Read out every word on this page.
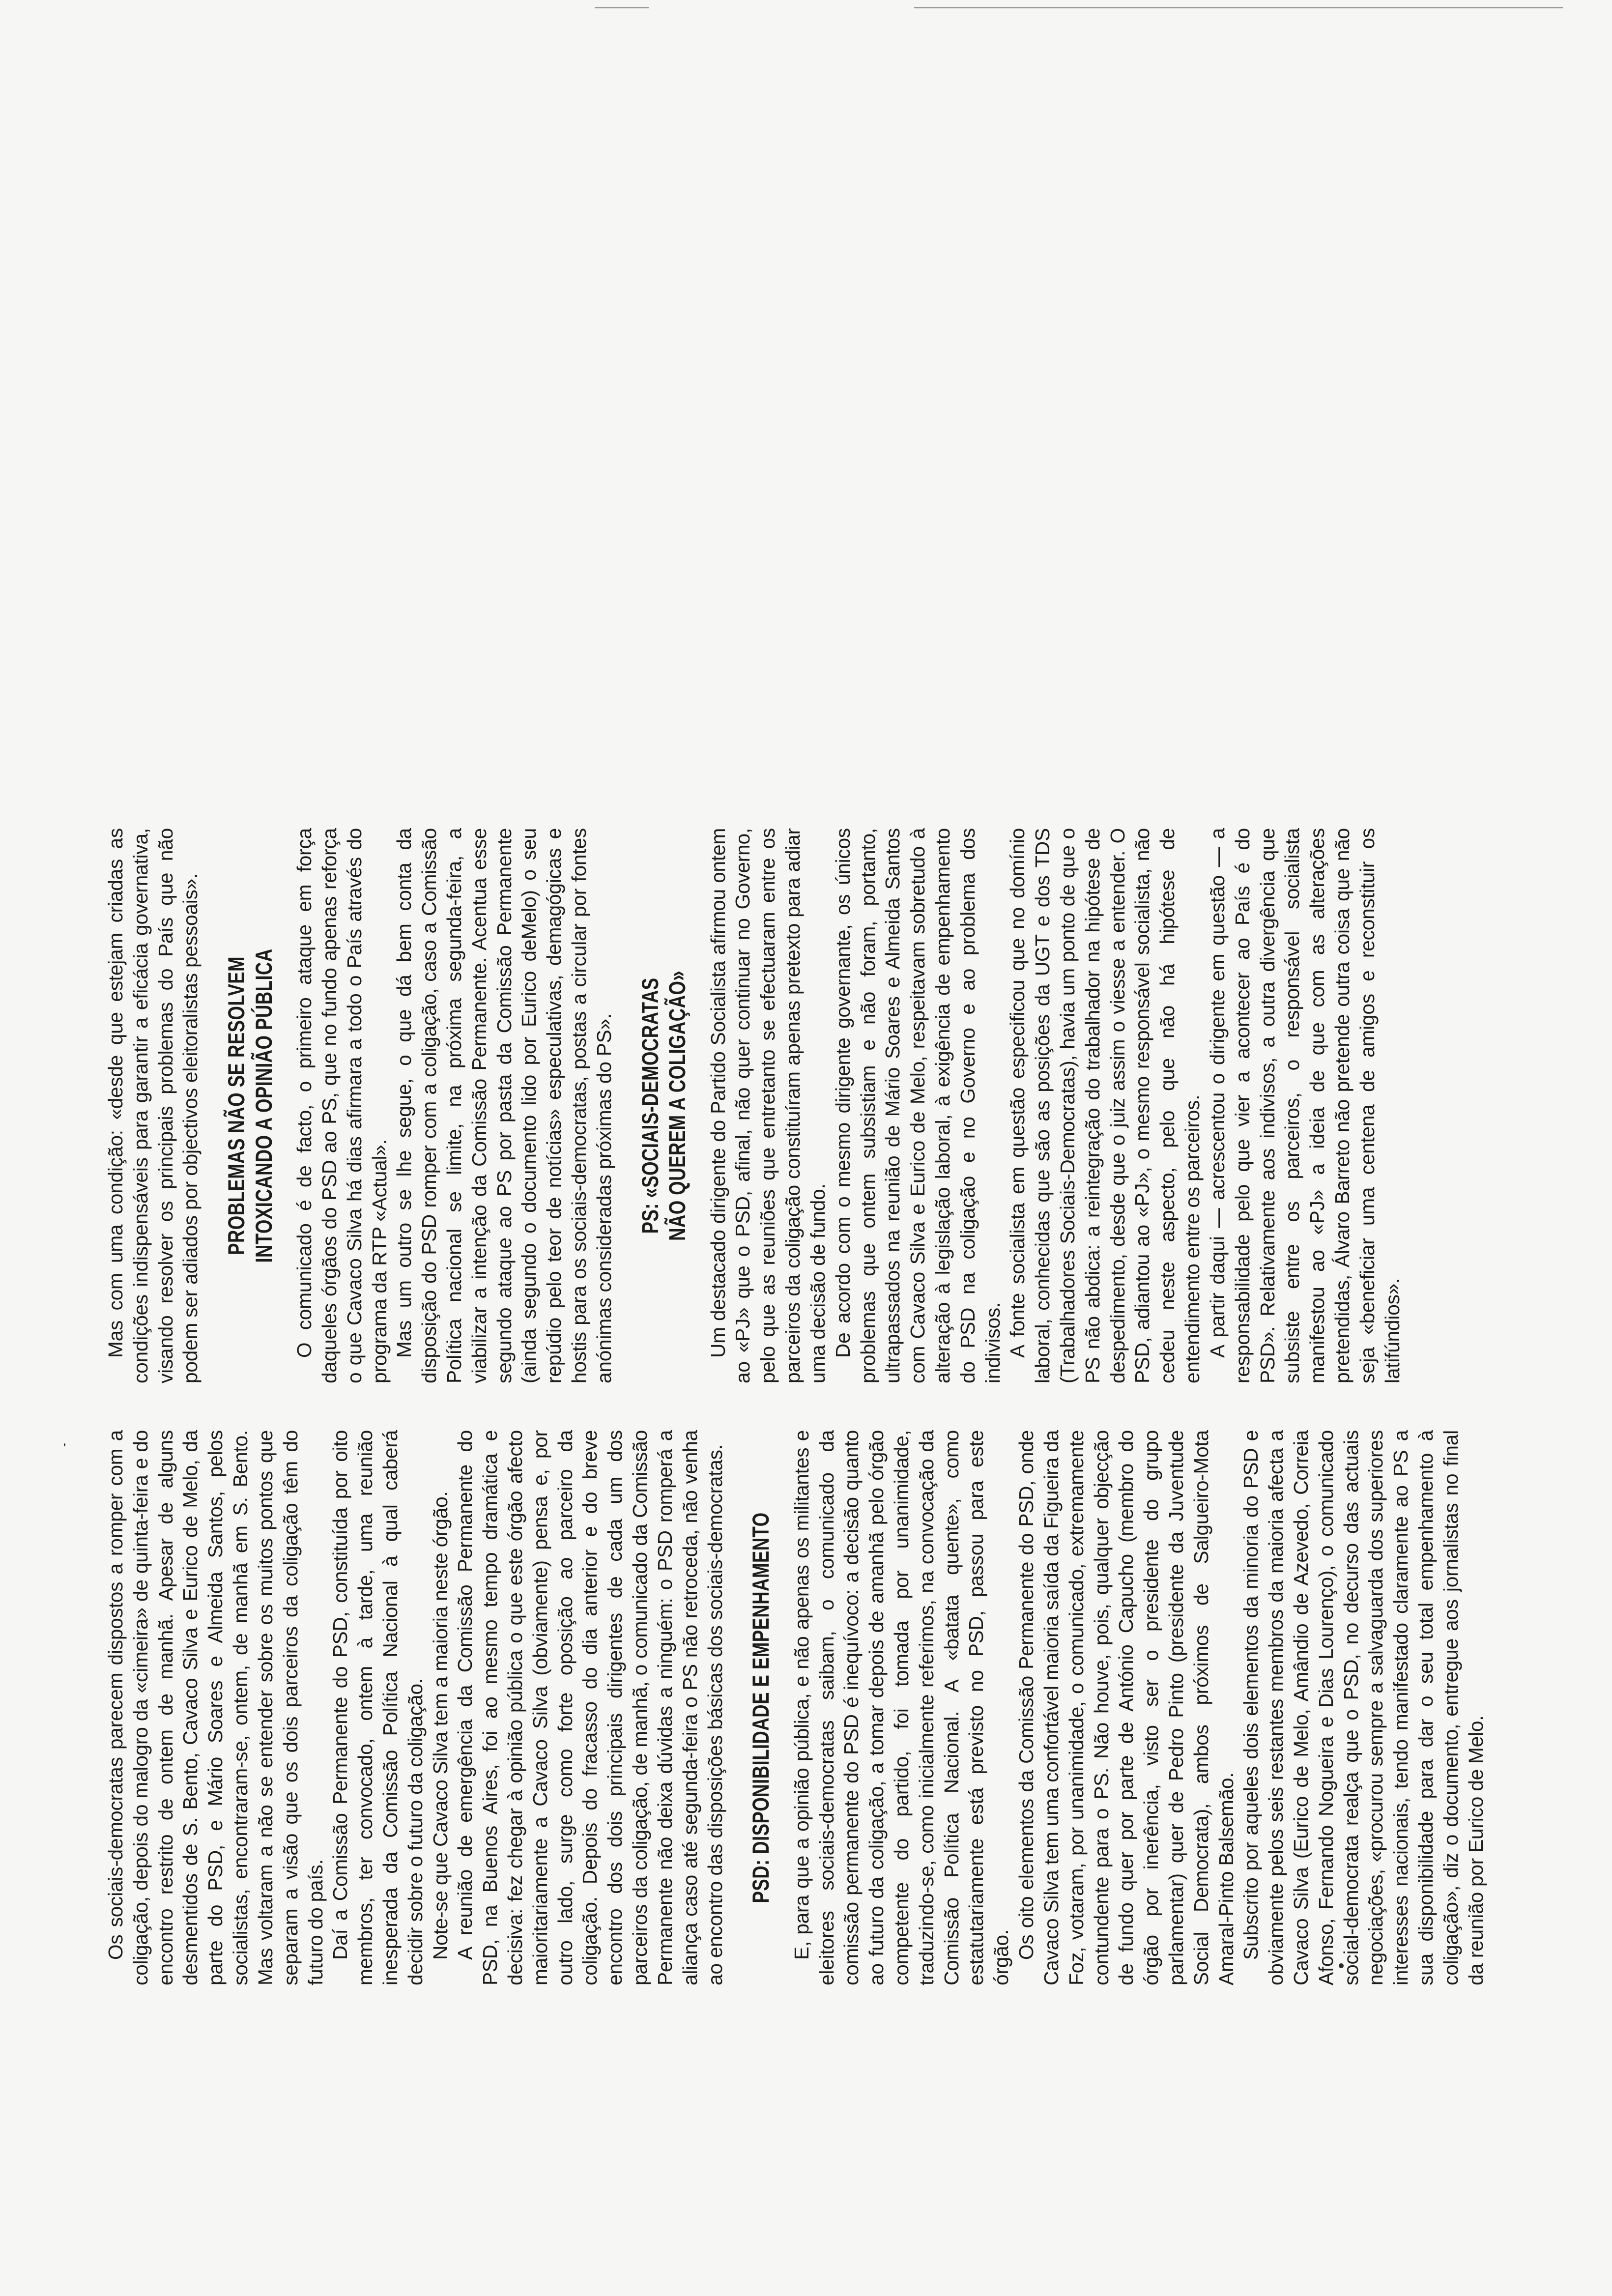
Os sociais-democratas parecem dispostos a romper com a coligação, depois do malogro da «cimeira» de quinta-feira e do encontro restrito de ontem de manhã. Apesar de alguns desmentidos de S. Bento, Cavaco Silva e Eurico de Melo, da parte do PSD, e Mário Soares e Almeida Santos, pelos socialistas, encontraram-se, ontem, de manhã em S. Bento. Mas voltaram a não se entender sobre os muitos pontos que separam a visão que os dois parceiros da coligação têm do futuro do país. Daí a Comissão Permanente do PSD, constituída por oito membros, ter convocado, ontem à tarde, uma reunião inesperada da Comissão Política Nacional à qual caberá decidir sobre o futuro da coligação. Note-se que Cavaco Silva tem a maioria neste órgão. A reunião de emergência da Comissão Permanente do PSD, na Buenos Aires, foi ao mesmo tempo dramática e decisiva: fez chegar à opinião pública o que este órgão afecto maioritariamente a Cavaco Silva (obviamente) pensa e, por outro lado, surge como forte oposição ao parceiro da coligação. Depois do fracasso do dia anterior e do breve encontro dos dois principais dirigentes de cada um dos parceiros da coligação, de manhã, o comunicado da Comissão Permanente não deixa dúvidas a ninguém: o PSD romperá a aliança caso até segunda-feira o PS não retroceda, não venha ao encontro das disposições básicas dos sociais-democratas. PSD: DISPONIBILIDADE E EMPENHAMENTO E, para que a opinião pública, e não apenas os militantes e eleitores sociais-democratas saibam, o comunicado da comissão permanente do PSD é inequívoco: a decisão quanto ao futuro da coligação, a tomar depois de amanhã pelo órgão competente do partido, foi tomada por unanimidade, traduzindo-se, como inicialmente referimos, na convocação da Comissão Política Nacional. A «batata quente», como estatutariamente está previsto no PSD, passou para este órgão. Os oito elementos da Comissão Permanente do PSD, onde Cavaco Silva tem uma confortável maioria saída da Figueira da Foz, votaram, por unanimidade, o comunicado, extremamente contundente para o PS. Não houve, pois, qualquer objecção de fundo quer por parte de António Capucho (membro do órgão por inerência, visto ser o presidente do grupo parlamentar) quer de Pedro Pinto (presidente da Juventude Social Democrata), ambos próximos de Salgueiro-Mota Amaral-Pinto Balsemão. Subscrito por aqueles dois elementos da minoria do PSD e obviamente pelos seis restantes membros da maioria afecta a Cavaco Silva (Eurico de Melo, Amândio de Azevedo, Correia Afonso, Fernando Nogueira e Dias Lourenço), o comunicado social-democrata realça que o PSD, no decurso das actuais negociações, «procurou sempre a salvaguarda dos superiores interesses nacionais, tendo manifestado claramente ao PS a sua disponibilidade para dar o seu total empenhamento à coligação», diz o documento, entregue aos jornalistas no final da reunião por Eurico de Melo.

Mas com uma condição: «desde que estejam criadas as condições indispensáveis para garantir a eficácia governativa, visando resolver os principais problemas do País que não podem ser adiados por objectivos eleitoralistas pessoais». PROBLEMAS NÃO SE RESOLVEM INTOXICANDO A OPINIÃO PÚBLICA O comunicado é de facto, o primeiro ataque em força daqueles órgãos do PSD ao PS, que no fundo apenas reforça o que Cavaco Silva há dias afirmara a todo o País através do programa da RTP «Actual». Mas um outro se lhe segue, o que dá bem conta da disposição do PSD romper com a coligação, caso a Comissão Política nacional se limite, na próxima segunda-feira, a viabilizar a intenção da Comissão Permanente. Acentua esse segundo ataque ao PS por pasta da Comissão Permanente (ainda segundo o documento lido por Eurico deMelo) o seu repúdio pelo teor de notícias» especulativas, demagógicas e hostis para os sociais-democratas, postas a circular por fontes anónimas consideradas próximas do PS». PS: «SOCIAIS-DEMOCRATAS NÃO QUEREM A COLIGAÇÃO» Um destacado dirigente do Partido Socialista afirmou ontem ao «PJ» que o PSD, afinal, não quer continuar no Governo, pelo que as reuniões que entretanto se efectuaram entre os parceiros da coligação constituíram apenas pretexto para adiar uma decisão de fundo. De acordo com o mesmo dirigente governante, os únicos problemas que ontem subsistiam e não foram, portanto, ultrapassados na reunião de Mário Soares e Almeida Santos com Cavaco Silva e Eurico de Melo, respeitavam sobretudo à alteração à legislação laboral, à exigência de empenhamento do PSD na coligação e no Governo e ao problema dos indivisos. A fonte socialista em questão especificou que no domínio laboral, conhecidas que são as posições da UGT e dos TDS (Trabalhadores Sociais-Democratas), havia um ponto de que o PS não abdica: a reintegração do trabalhador na hipótese de despedimento, desde que o juiz assim o viesse a entender. O PSD, adiantou ao «PJ», o mesmo responsável socialista, não cedeu neste aspecto, pelo que não há hipótese de entendimento entre os parceiros. A partir daqui — acrescentou o dirigente em questão — a responsabilidade pelo que vier a acontecer ao País é do PSD». Relativamente aos indivisos, a outra divergência que subsiste entre os parceiros, o responsável socialista manifestou ao «PJ» a ideia de que com as alterações pretendidas, Álvaro Barreto não pretende outra coisa que não seja «beneficiar uma centena de amigos e reconstituir os latifúndios».
